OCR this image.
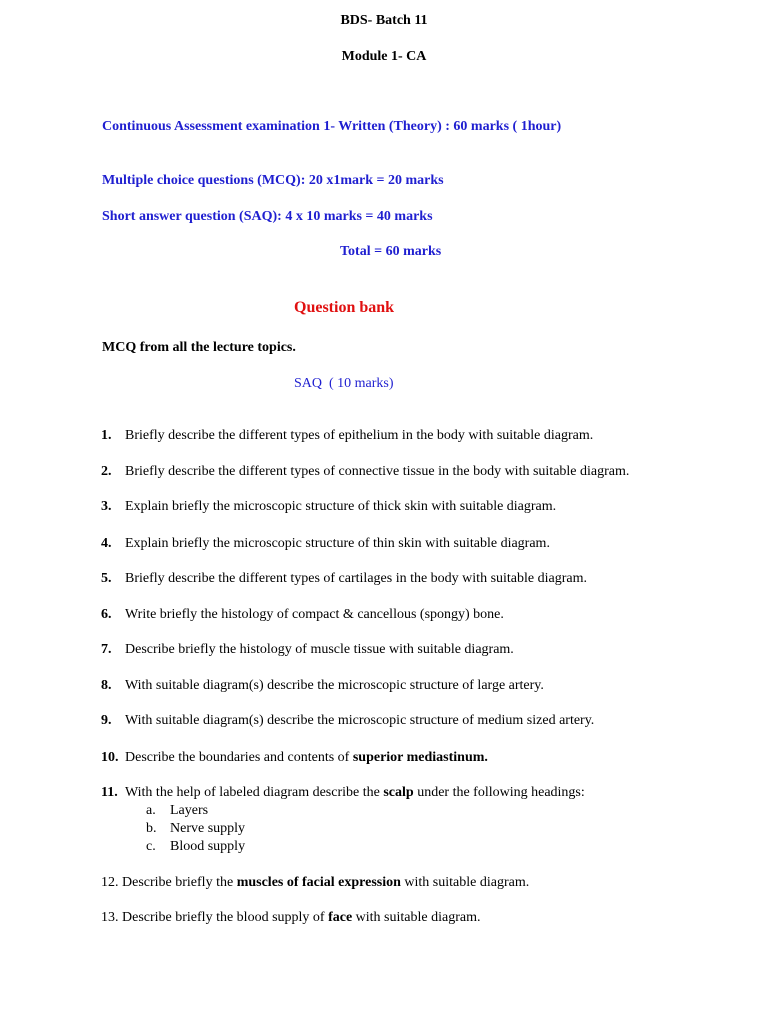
BDS- Batch 11
Module 1- CA
Continuous Assessment examination 1- Written (Theory) : 60 marks ( 1hour)
Multiple choice questions (MCQ): 20 x1mark = 20 marks
Short answer question (SAQ): 4 x 10 marks = 40 marks
Total = 60 marks
Question bank
MCQ from all the lecture topics.
SAQ  ( 10 marks)
1. Briefly describe the different types of epithelium in the body with suitable diagram.
2. Briefly describe the different types of connective tissue in the body with suitable diagram.
3. Explain briefly the microscopic structure of thick skin with suitable diagram.
4. Explain briefly the microscopic structure of thin skin with suitable diagram.
5. Briefly describe the different types of cartilages in the body with suitable diagram.
6. Write briefly the histology of compact & cancellous (spongy) bone.
7. Describe briefly the histology of muscle tissue with suitable diagram.
8. With suitable diagram(s) describe the microscopic structure of large artery.
9. With suitable diagram(s) describe the microscopic structure of medium sized artery.
10. Describe the boundaries and contents of superior mediastinum.
11. With the help of labeled diagram describe the scalp under the following headings:
a. Layers
b. Nerve supply
c. Blood supply
12. Describe briefly the muscles of facial expression with suitable diagram.
13. Describe briefly the blood supply of face with suitable diagram.
